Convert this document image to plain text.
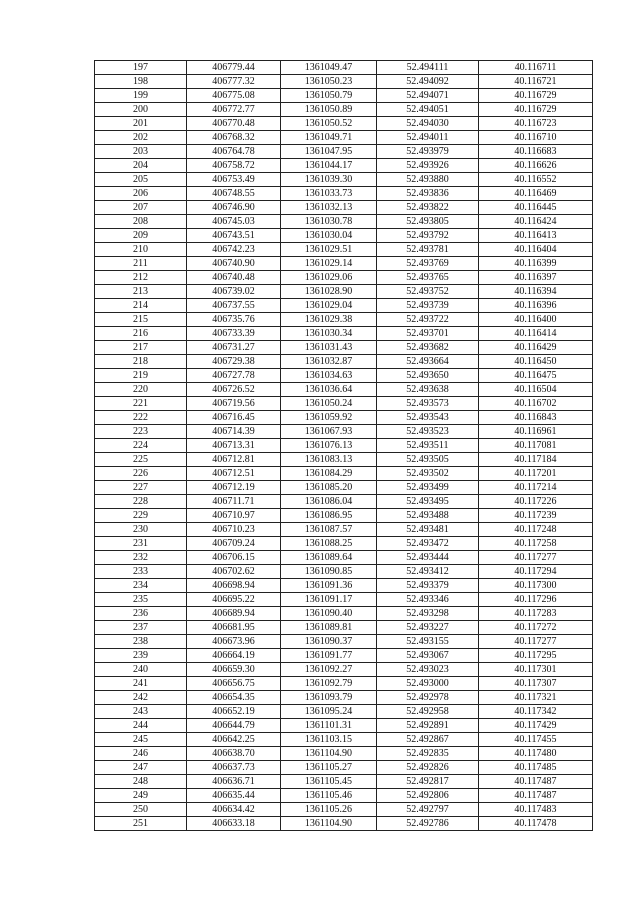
197	406779.44	1361049.47	52.494111	40.116711
198	406777.32	1361050.23	52.494092	40.116721
199	406775.08	1361050.79	52.494071	40.116729
200	406772.77	1361050.89	52.494051	40.116729
201	406770.48	1361050.52	52.494030	40.116723
202	406768.32	1361049.71	52.494011	40.116710
203	406764.78	1361047.95	52.493979	40.116683
204	406758.72	1361044.17	52.493926	40.116626
205	406753.49	1361039.30	52.493880	40.116552
206	406748.55	1361033.73	52.493836	40.116469
207	406746.90	1361032.13	52.493822	40.116445
208	406745.03	1361030.78	52.493805	40.116424
209	406743.51	1361030.04	52.493792	40.116413
210	406742.23	1361029.51	52.493781	40.116404
211	406740.90	1361029.14	52.493769	40.116399
212	406740.48	1361029.06	52.493765	40.116397
213	406739.02	1361028.90	52.493752	40.116394
214	406737.55	1361029.04	52.493739	40.116396
215	406735.76	1361029.38	52.493722	40.116400
216	406733.39	1361030.34	52.493701	40.116414
217	406731.27	1361031.43	52.493682	40.116429
218	406729.38	1361032.87	52.493664	40.116450
219	406727.78	1361034.63	52.493650	40.116475
220	406726.52	1361036.64	52.493638	40.116504
221	406719.56	1361050.24	52.493573	40.116702
222	406716.45	1361059.92	52.493543	40.116843
223	406714.39	1361067.93	52.493523	40.116961
224	406713.31	1361076.13	52.493511	40.117081
225	406712.81	1361083.13	52.493505	40.117184
226	406712.51	1361084.29	52.493502	40.117201
227	406712.19	1361085.20	52.493499	40.117214
228	406711.71	1361086.04	52.493495	40.117226
229	406710.97	1361086.95	52.493488	40.117239
230	406710.23	1361087.57	52.493481	40.117248
231	406709.24	1361088.25	52.493472	40.117258
232	406706.15	1361089.64	52.493444	40.117277
233	406702.62	1361090.85	52.493412	40.117294
234	406698.94	1361091.36	52.493379	40.117300
235	406695.22	1361091.17	52.493346	40.117296
236	406689.94	1361090.40	52.493298	40.117283
237	406681.95	1361089.81	52.493227	40.117272
238	406673.96	1361090.37	52.493155	40.117277
239	406664.19	1361091.77	52.493067	40.117295
240	406659.30	1361092.27	52.493023	40.117301
241	406656.75	1361092.79	52.493000	40.117307
242	406654.35	1361093.79	52.492978	40.117321
243	406652.19	1361095.24	52.492958	40.117342
244	406644.79	1361101.31	52.492891	40.117429
245	406642.25	1361103.15	52.492867	40.117455
246	406638.70	1361104.90	52.492835	40.117480
247	406637.73	1361105.27	52.492826	40.117485
248	406636.71	1361105.45	52.492817	40.117487
249	406635.44	1361105.46	52.492806	40.117487
250	406634.42	1361105.26	52.492797	40.117483
251	406633.18	1361104.90	52.492786	40.117478
